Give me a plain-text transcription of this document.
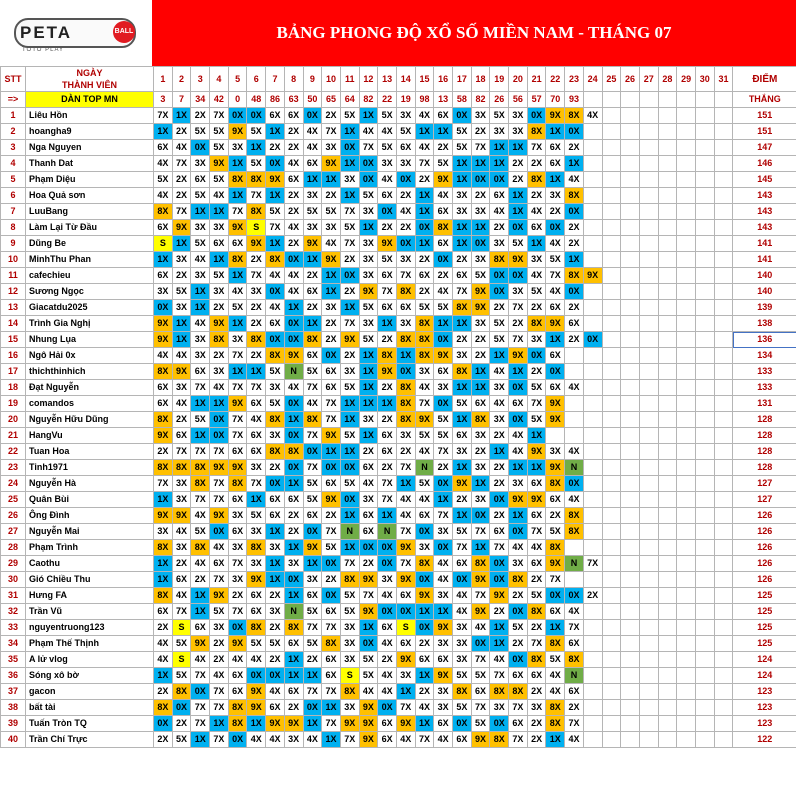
PETA	BALL
TOTO PLAY
BẢNG PHONG ĐỘ XỔ SỐ MIỀN NAM - THÁNG 07
STT	NGÀY
THÀNH VIÊN	1	2	3	4	5	6	7	8	9	10	11	12	13	14	15	16	17	18	19	20	21	22	23	24	25	26	27	28	29	30	31	ĐIỂM
=>	DÀN TOP MN	3	7	34	42	0	48	86	63	50	65	64	82	22	19	98	13	58	82	26	56	57	70	93									THẮNG
1	Liêu Hồn	7X	1X	2X	7X	0X	0X	6X	6X	0X	2X	5X	1X	5X	3X	4X	6X	0X	3X	5X	3X	0X	9X	8X	4X								151
2	hoangha9	1X	2X	5X	5X	9X	5X	1X	2X	4X	7X	1X	4X	4X	5X	1X	1X	5X	2X	3X	3X	8X	1X	0X									151
3	Nga Nguyen	6X	4X	0X	5X	3X	1X	2X	2X	4X	3X	0X	7X	5X	6X	4X	2X	5X	7X	1X	1X	7X	6X	2X									147
4	Thanh Dat	4X	7X	3X	9X	1X	5X	0X	4X	6X	9X	1X	0X	3X	3X	7X	5X	1X	1X	1X	2X	2X	6X	1X									146
5	Phạm Diệu	5X	2X	6X	5X	8X	8X	9X	6X	1X	1X	3X	0X	4X	0X	2X	9X	1X	0X	0X	2X	8X	1X	4X									145
6	Hoa Quả sơn	4X	2X	5X	4X	1X	7X	1X	2X	3X	2X	1X	5X	6X	2X	1X	4X	3X	2X	6X	1X	2X	3X	8X									143
7	LuuBang	8X	7X	1X	1X	7X	8X	5X	2X	5X	5X	7X	3X	0X	4X	1X	6X	3X	3X	4X	1X	4X	2X	0X									143
8	Làm Lại Từ Đầu	6X	9X	3X	3X	9X	S	7X	4X	3X	3X	5X	1X	2X	2X	0X	8X	1X	1X	2X	0X	6X	0X	2X									143
9	Dũng Be	S	1X	5X	6X	6X	9X	1X	2X	9X	4X	7X	3X	9X	0X	1X	6X	1X	0X	3X	5X	1X	4X	2X									141
10	MinhThu Phan	1X	3X	4X	1X	8X	2X	8X	0X	1X	9X	2X	3X	5X	3X	2X	0X	2X	3X	8X	9X	3X	5X	1X									141
11	cafechieu	6X	2X	3X	5X	1X	7X	4X	4X	2X	1X	0X	3X	6X	7X	6X	2X	6X	5X	0X	0X	4X	7X	8X	9X								140
12	Sương Ngọc	3X	5X	1X	3X	4X	3X	0X	4X	6X	1X	2X	9X	7X	8X	2X	4X	7X	9X	0X	3X	5X	4X	0X									140
13	Giacatdu2025	0X	3X	1X	2X	5X	2X	4X	1X	2X	3X	1X	5X	6X	6X	5X	5X	8X	9X	2X	7X	2X	6X	2X									139
14	Trình Gia Nghị	9X	1X	4X	9X	1X	2X	6X	0X	1X	2X	7X	3X	1X	3X	8X	1X	1X	3X	5X	2X	8X	9X	6X									138
15	Nhung Lụa	9X	1X	3X	8X	3X	8X	0X	0X	8X	2X	9X	5X	2X	8X	8X	0X	2X	2X	5X	7X	3X	1X	2X	0X								136
16	Ngô Hải 0x	4X	4X	3X	2X	7X	2X	8X	9X	6X	0X	2X	1X	8X	1X	8X	9X	3X	2X	1X	9X	0X	6X										134
17	thichthinhich	8X	9X	6X	3X	1X	1X	5X	N	5X	6X	3X	1X	9X	0X	3X	6X	8X	1X	4X	1X	2X	0X										133
18	Đạt Nguyễn	6X	3X	7X	4X	7X	7X	3X	4X	7X	6X	5X	1X	2X	8X	4X	3X	1X	1X	3X	0X	5X	6X	4X									133
19	comandos	6X	4X	1X	1X	9X	6X	5X	0X	4X	7X	1X	1X	1X	8X	7X	0X	5X	6X	4X	6X	7X	9X										131
20	Nguyễn Hữu Dũng	8X	2X	5X	0X	7X	4X	8X	1X	8X	7X	1X	3X	2X	8X	9X	5X	1X	8X	3X	0X	5X	9X										128
21	HangVu	9X	6X	1X	0X	7X	6X	3X	0X	7X	9X	5X	1X	6X	3X	5X	5X	6X	3X	2X	4X	1X											128
22	Tuan Hoa	2X	7X	7X	7X	6X	6X	8X	8X	0X	1X	1X	2X	6X	2X	4X	7X	3X	2X	1X	4X	9X	3X	4X									128
23	Tinh1971	8X	8X	8X	9X	9X	3X	2X	0X	7X	0X	0X	6X	2X	7X	N	2X	1X	3X	2X	1X	1X	9X	N									128
24	Nguyễn Hà	7X	3X	8X	7X	8X	7X	0X	1X	5X	6X	5X	4X	7X	1X	5X	0X	9X	1X	2X	3X	6X	8X	0X									127
25	Quân Bùi	1X	3X	7X	7X	6X	1X	6X	6X	5X	9X	0X	3X	7X	4X	4X	1X	2X	3X	0X	9X	9X	6X	4X									127
26	Ông Đình	9X	9X	4X	9X	3X	5X	6X	2X	6X	2X	1X	6X	1X	4X	6X	7X	1X	0X	2X	1X	6X	2X	8X									126
27	Nguyễn Mai	3X	4X	5X	0X	6X	3X	1X	2X	0X	7X	N	6X	N	7X	0X	3X	5X	7X	6X	0X	7X	5X	8X									126
28	Phạm Trình	8X	3X	8X	4X	3X	8X	3X	1X	9X	5X	1X	0X	0X	9X	3X	0X	7X	1X	7X	4X	4X	8X										126
29	Caothu	1X	2X	4X	6X	7X	3X	1X	3X	1X	0X	7X	2X	0X	7X	8X	4X	6X	8X	0X	3X	6X	9X	N	7X								126
30	Gió Chiều Thu	1X	6X	2X	7X	3X	9X	1X	0X	3X	2X	8X	9X	3X	9X	0X	4X	0X	9X	0X	8X	2X	7X										126
31	Hưng FA	8X	4X	1X	9X	2X	6X	2X	1X	6X	0X	5X	7X	4X	6X	9X	3X	4X	7X	9X	2X	5X	0X	0X	2X								125
32	Trần Vũ	6X	7X	1X	5X	7X	6X	3X	N	5X	6X	5X	9X	0X	0X	1X	1X	4X	9X	2X	0X	8X	6X	4X									125
33	nguyentruong123	2X	S	6X	3X	0X	8X	2X	8X	7X	7X	3X	1X	6X	S	0X	9X	3X	4X	1X	5X	2X	1X	7X									125
34	Phạm Thế Thịnh	4X	5X	9X	2X	9X	5X	5X	6X	5X	8X	3X	0X	4X	6X	2X	3X	3X	0X	1X	2X	7X	8X	6X									125
35	A lử vlog	4X	S	4X	2X	4X	4X	2X	1X	2X	6X	3X	5X	2X	9X	6X	6X	3X	7X	4X	0X	8X	5X	8X									124
36	Sóng xô bờ	1X	5X	7X	4X	6X	0X	0X	1X	1X	6X	S	5X	4X	3X	1X	9X	5X	5X	7X	6X	6X	4X	N									124
37	gacon	2X	8X	0X	7X	6X	9X	4X	6X	7X	7X	8X	4X	4X	1X	2X	3X	8X	6X	8X	8X	2X	4X	6X									123
38	bất tài	8X	0X	7X	7X	8X	9X	6X	2X	0X	1X	3X	9X	0X	7X	4X	3X	5X	7X	3X	7X	3X	8X	2X									123
39	Tuấn Tròn TQ	0X	2X	7X	1X	8X	1X	9X	9X	1X	7X	9X	9X	6X	9X	1X	6X	0X	5X	0X	6X	2X	8X	7X									123
40	Trần Chí Trực	2X	5X	1X	7X	0X	4X	4X	3X	4X	1X	7X	9X	6X	4X	7X	4X	6X	9X	8X	7X	2X	1X	4X									122
